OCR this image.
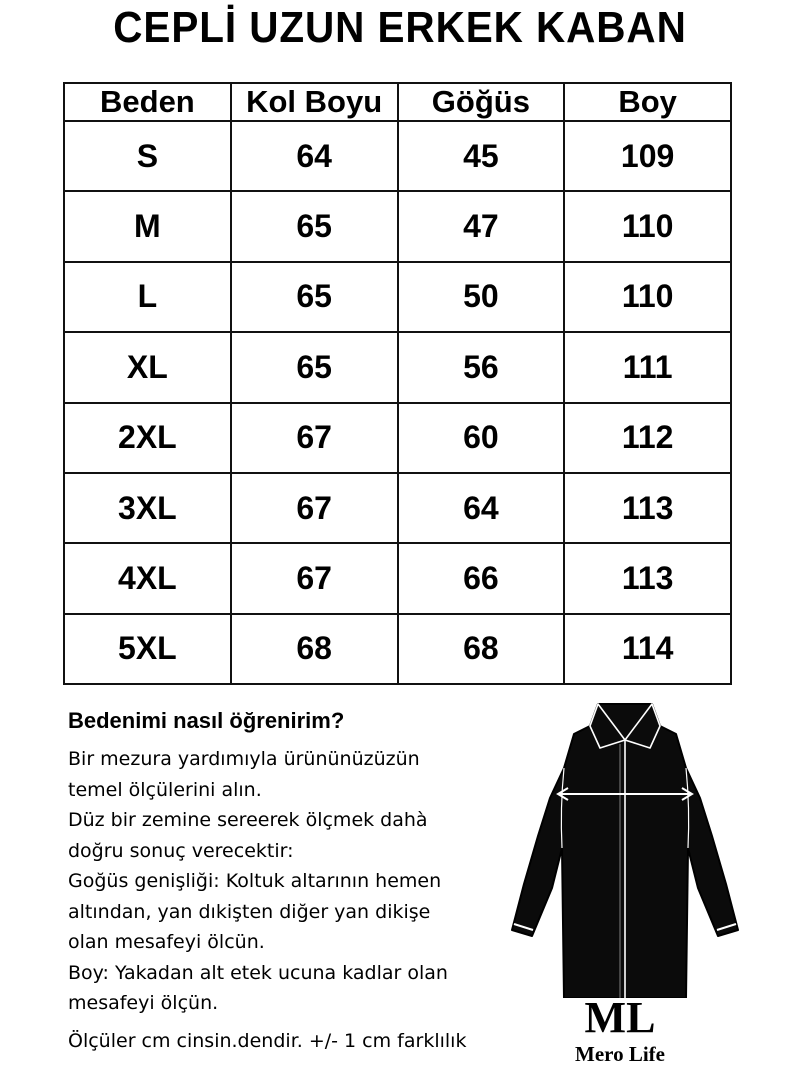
CEPLİ UZUN ERKEK KABAN
Beden	Kol Boyu	Göğüs	Boy
S	64	45	109
M	65	47	110
L	65	50	110
XL	65	56	111
2XL	67	60	112
3XL	67	64	113
4XL	67	66	113
5XL	68	68	114
Bedenimi nasıl öğrenirim?
Bir mezura yardımıyla ürününüzüzün
temel ölçülerini alın.
Düz bir zemine sereerek ölçmek dahà
doğru sonuç verecektir:
Goğüs genişliği: Koltuk altarının hemen
altından, yan dıkişten diğer yan dikişe
olan mesafeyi ölcün.
Boy: Yakadan alt etek ucuna kadlar olan
mesafeyi ölçün.
Ölçüler cm cinsin.dendir. +/- 1 cm farklılık	ML
Mero Life
